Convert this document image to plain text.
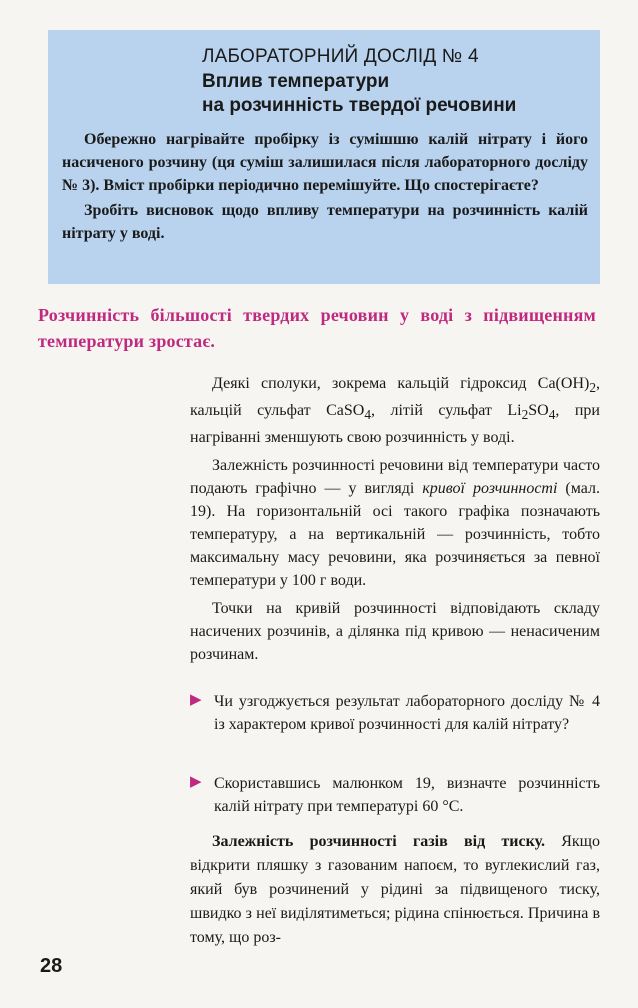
ЛАБОРАТОРНИЙ ДОСЛІД № 4
Вплив температури
на розчинність твердої речовини

Обережно нагрівайте пробірку із сумішшю калій нітрату і його насиченого розчину (ця суміш залишилася після лабораторного досліду № 3). Вміст пробірки періодично перемішуйте. Що спостерігаєте?

Зробіть висновок щодо впливу температури на розчинність калій нітрату у воді.

Розчинність більшості твердих речовин у воді з підвищенням температури зростає.

Деякі сполуки, зокрема кальцій гідроксид $Ca(OH)_2$, кальцій сульфат CaSO$_4$, літій сульфат $Li_2SO_4$, при нагріванні зменшують свою розчинність у воді.

Залежність розчинності речовини від температури часто подають графічно — у вигляді кривої розчинності (мал. 19). На горизонтальній осі такого графіка позначають температуру, а на вертикальній — розчинність, тобто максимальну масу речовини, яка розчиняється за певної температури у 100 г води.

Точки на кривій розчинності відповідають складу насичених розчинів, а ділянка під кривою — ненасиченим розчинам.

▶ Чи узгоджується результат лабораторного досліду № 4 із характером кривої розчинності для калій нітрату?
▶ Скориставшись малюнком 19, визначте розчинність калій нітрату при температурі 60 °С.

Залежність розчинності газів від тиску. Якщо відкрити пляшку з газованим напоєм, то вуглекислий газ, який був розчинений у рідині за підвищеного тиску, швидко з неї виділятиметься; рідина спінюється. Причина в тому, що роз-

28
